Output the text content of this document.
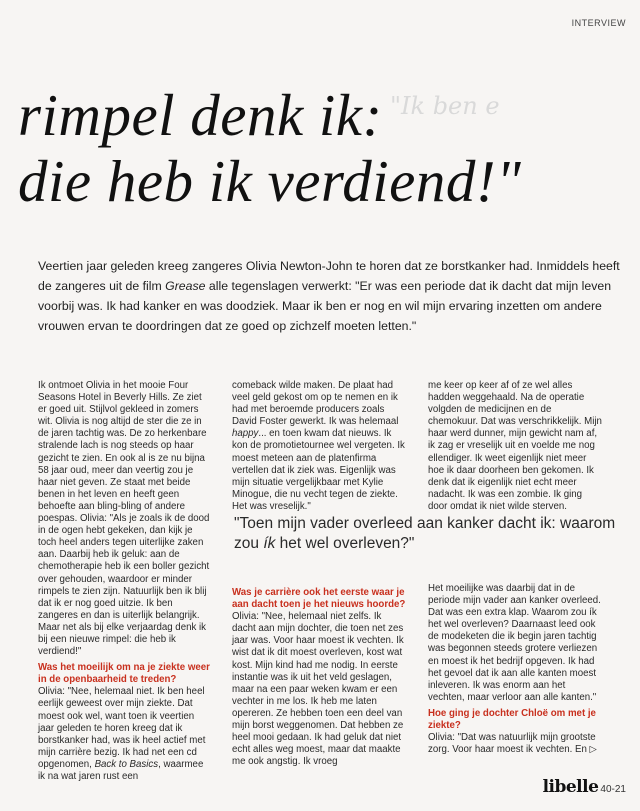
INTERVIEW
"Ik ben e
rimpel denk ik:
die heb ik verdiend!"

Veertien jaar geleden kreeg zangeres Olivia Newton-John te horen dat ze borstkanker had. Inmiddels heeft de zangeres uit de film Grease alle tegenslagen verwerkt: "Er was een periode dat ik dacht dat mijn leven voorbij was. Ik had kanker en was doodziek. Maar ik ben er nog en wil mijn ervaring inzetten om andere vrouwen ervan te doordringen dat ze goed op zichzelf moeten letten."

Ik ontmoet Olivia in het mooie Four Seasons Hotel in Beverly Hills. Ze ziet er goed uit. Stijlvol gekleed in zomers wit. Olivia is nog altijd de ster die ze in de jaren tachtig was. De zo herkenbare stralende lach is nog steeds op haar gezicht te zien. En ook al is ze nu bijna 58 jaar oud, meer dan veertig zou je haar niet geven. Ze staat met beide benen in het leven en heeft geen behoefte aan bling-bling of andere poespas. Olivia: "Als je zoals ik de dood in de ogen hebt gekeken, dan kijk je toch heel anders tegen uiterlijke zaken aan. Daarbij heb ik geluk: aan de chemotherapie heb ik een boller gezicht over gehouden, waardoor er minder rimpels te zien zijn. Natuurlijk ben ik blij dat ik er nog goed uitzie. Ik ben zangeres en dan is uiterlijk belangrijk. Maar net als bij elke verjaardag denk ik bij een nieuwe rimpel: die heb ik verdiend!"

Was het moeilijk om na je ziekte weer in de openbaarheid te treden?

Olivia: "Nee, helemaal niet. Ik ben heel eerlijk geweest over mijn ziekte. Dat moest ook wel, want toen ik veertien jaar geleden te horen kreeg dat ik borstkanker had, was ik heel actief met mijn carrière bezig. Ik had net een cd opgenomen, Back to Basics, waarmee ik na wat jaren rust een

comeback wilde maken. De plaat had veel geld gekost om op te nemen en ik had met beroemde producers zoals David Foster gewerkt. Ik was helemaal happy... en toen kwam dat nieuws. Ik kon de promotietournee wel vergeten. Ik moest meteen aan de platenfirma vertellen dat ik ziek was. Eigenlijk was mijn situatie vergelijkbaar met Kylie Minogue, die nu vecht tegen de ziekte. Het was vreselijk."

me keer op keer af of ze wel alles hadden weggehaald. Na de operatie volgden de medicijnen en de chemokuur. Dat was verschrikkelijk. Mijn haar werd dunner, mijn gewicht nam af, ik zag er vreselijk uit en voelde me nog ellendiger. Ik weet eigenlijk niet meer hoe ik daar doorheen ben gekomen. Ik denk dat ik eigenlijk niet echt meer nadacht. Ik was een zombie. Ik ging door omdat ik niet wilde sterven.

"Toen mijn vader overleed aan kanker dacht ik: waarom zou ík het wel overleven?"

Was je carrière ook het eerste waar je aan dacht toen je het nieuws hoorde?

Olivia: "Nee, helemaal niet zelfs. Ik dacht aan mijn dochter, die toen net zes jaar was. Voor haar moest ik vechten. Ik wist dat ik dit moest overleven, kost wat kost. Mijn kind had me nodig. In eerste instantie was ik uit het veld geslagen, maar na een paar weken kwam er een vechter in me los. Ik heb me laten opereren. Ze hebben toen een deel van mijn borst weggenomen. Dat hebben ze heel mooi gedaan. Ik had geluk dat niet echt alles weg moest, maar dat maakte me ook angstig. Ik vroeg

Het moeilijke was daarbij dat in de periode mijn vader aan kanker overleed. Dat was een extra klap. Waarom zou ík het wel overleven? Daarnaast leed ook de modeketen die ik begin jaren tachtig was begonnen steeds grotere verliezen en moest ik het bedrijf opgeven. Ik had het gevoel dat ik aan alle kanten moest inleveren. Ik was enorm aan het vechten, maar verloor aan alle kanten."

Hoe ging je dochter Chloë om met je ziekte?

Olivia: "Dat was natuurlijk mijn grootste zorg. Voor haar moest ik vechten. En ▷

libelle 40-21
